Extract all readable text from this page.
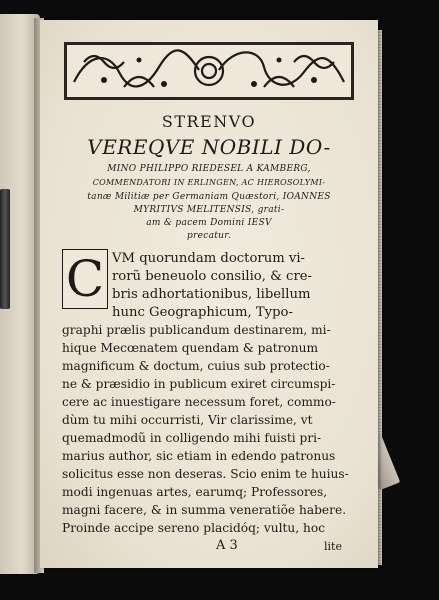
STRENVO
VEREQVE NOBILI DO-
MINO PHILIPPO RIEDESEL A KAMBERG,
COMMENDATORI IN ERLINGEN, AC HIEROSOLYMI-
tanæ Militiæ per Germaniam Quæstori, IOANNES
MYRITIVS MELITENSIS, grati-
am & pacem Domini IESV
precatur.
C VM quorundam doctorum vi-
rorũ beneuolo consilio, & cre-
bris adhortationibus, libellum
hunc Geographicum, Typo-
graphi prælis publicandum destinarem, mi-
hique Mecœnatem quendam & patronum
magnificum & doctum, cuius sub protectio-
ne & præsidio in publicum exiret circumspi-
cere ac inuestigare necessum foret, commo-
dùm tu mihi occurristi, Vir clarissime, vt
quemadmodũ in colligendo mihi fuisti pri-
marius author, sic etiam in edendo patronus
solicitus esse non deseras. Scio enim te huius-
modi ingenuas artes, earumq; Professores,
magni facere, & in summa veneratiõe habere.
Proinde accipe sereno placidóq; vultu, hoc
A 3	lite
